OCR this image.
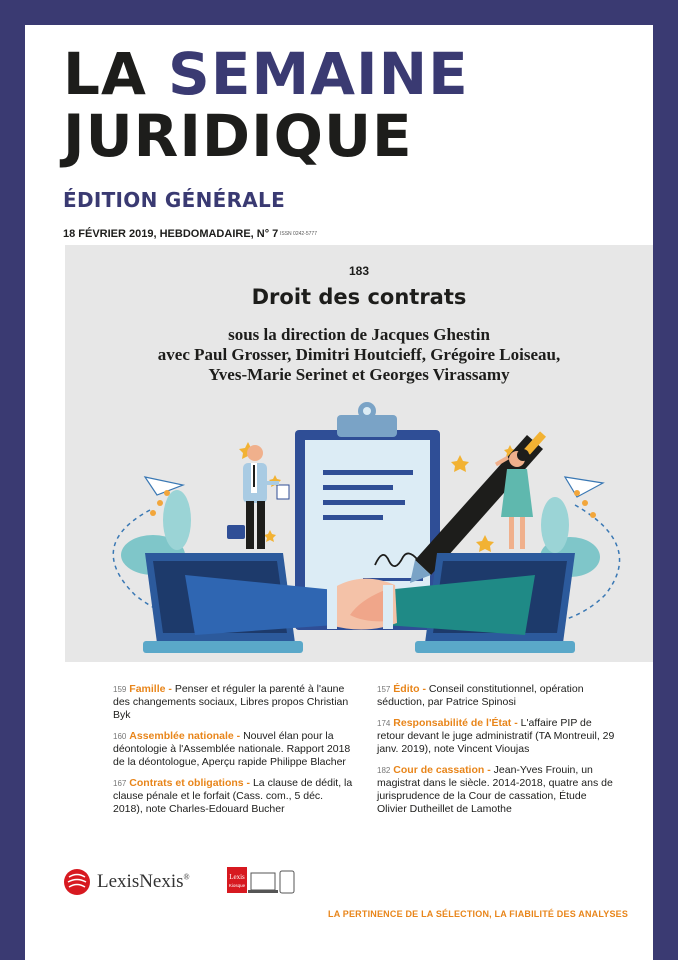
LA SEMAINE
JURIDIQUE
ÉDITION GÉNÉRALE
18 FÉVRIER 2019, HEBDOMADAIRE, N° 7 ISSN 0242-5777
183
Droit des contrats
sous la direction de Jacques Ghestin
avec Paul Grosser, Dimitri Houtcieff, Grégoire Loiseau,
Yves-Marie Serinet et Georges Virassamy
159 Famille - Penser et réguler la parenté à l'aune des changements sociaux, Libres propos Christian Byk
160 Assemblée nationale - Nouvel élan pour la déontologie à l'Assemblée nationale. Rapport 2018 de la déontologue, Aperçu rapide Philippe Blacher
167 Contrats et obligations - La clause de dédit, la clause pénale et le forfait (Cass. com., 5 déc. 2018), note Charles-Edouard Bucher
157 Édito - Conseil constitutionnel, opération séduction, par Patrice Spinosi
174 Responsabilité de l'État - L'affaire PIP de retour devant le juge administratif (TA Montreuil, 29 janv. 2019), note Vincent Vioujas
182 Cour de cassation - Jean-Yves Frouin, un magistrat dans le siècle. 2014-2018, quatre ans de jurisprudence de la Cour de cassation, Étude Olivier Dutheillet de Lamothe
LexisNexis®	Lexis
Kiosque
LA PERTINENCE DE LA SÉLECTION, LA FIABILITÉ DES ANALYSES
